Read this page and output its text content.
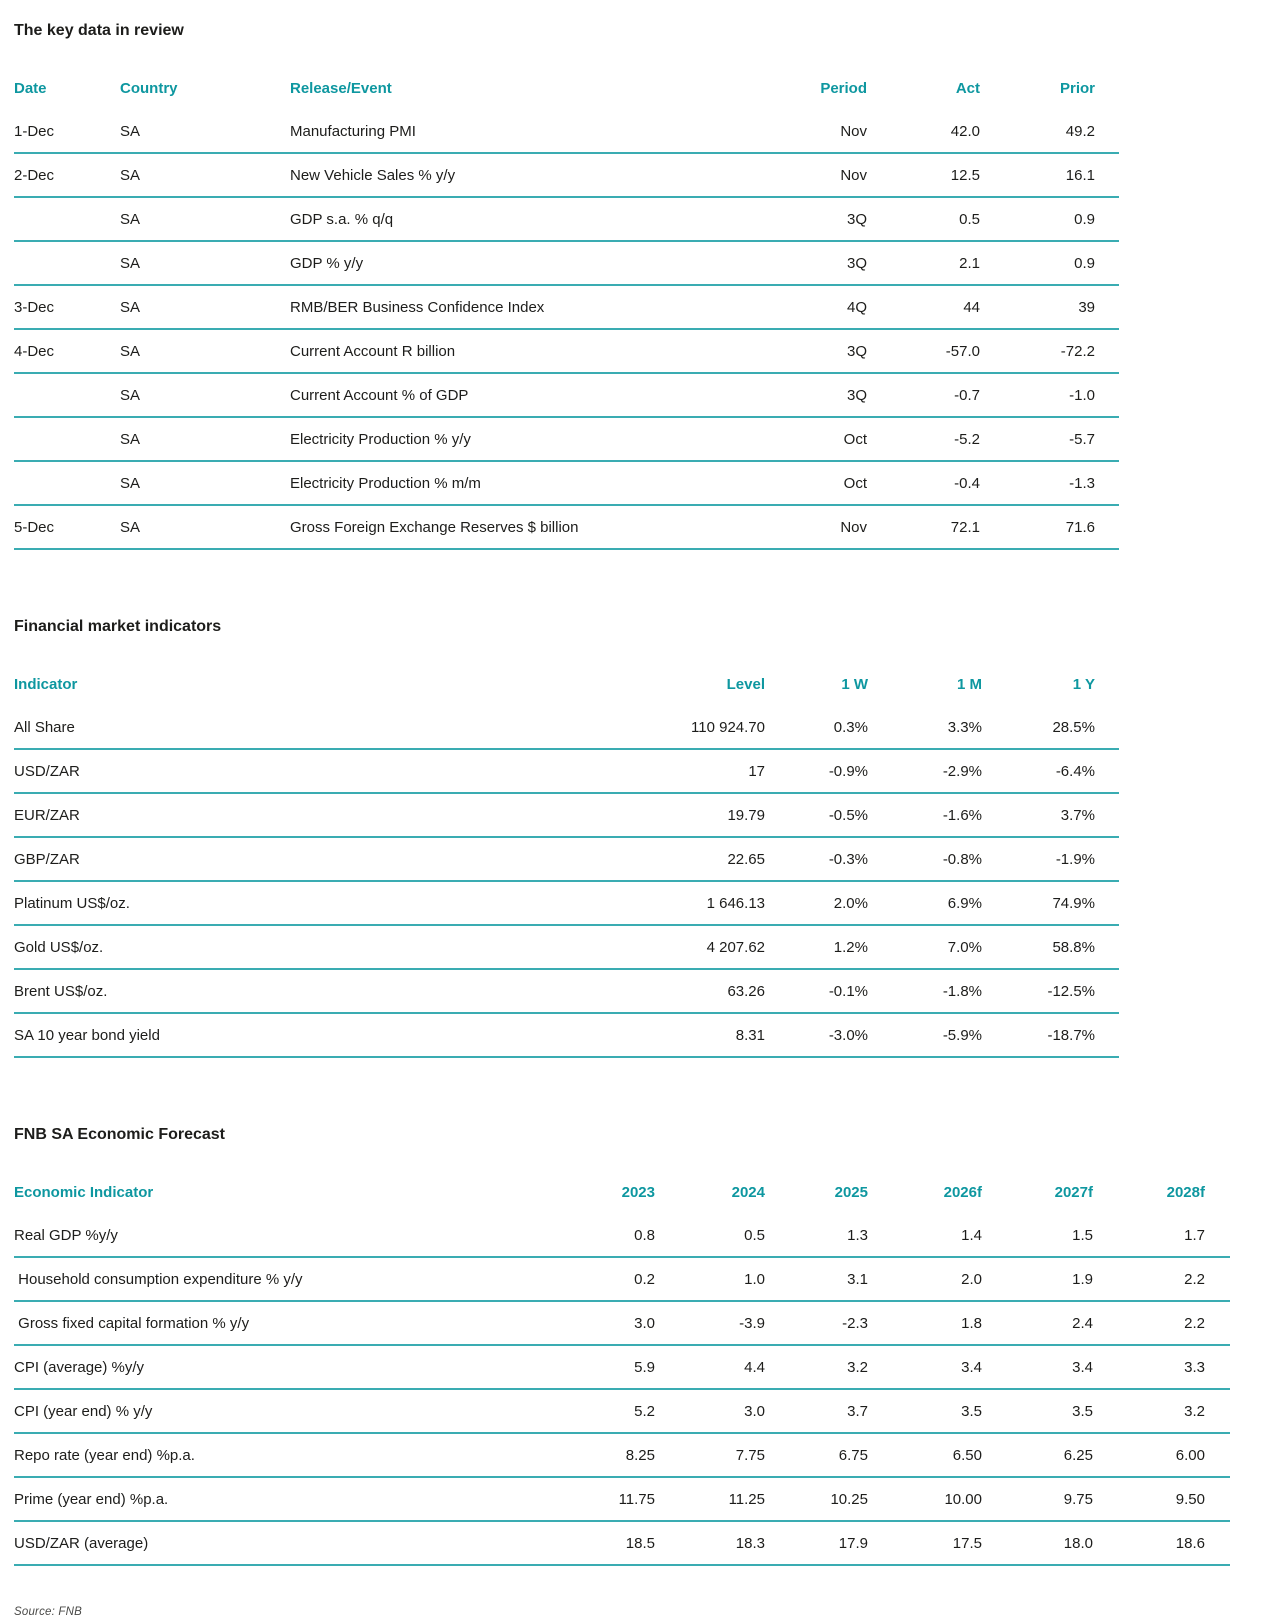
The key data in review
Date	Country	Release/Event	Period	Act	Prior
1-Dec	SA	Manufacturing PMI	Nov	42.0	49.2
2-Dec	SA	New Vehicle Sales % y/y	Nov	12.5	16.1
	SA	GDP s.a. % q/q	3Q	0.5	0.9
	SA	GDP % y/y	3Q	2.1	0.9
3-Dec	SA	RMB/BER Business Confidence Index	4Q	44	39
4-Dec	SA	Current Account R billion	3Q	-57.0	-72.2
	SA	Current Account % of GDP	3Q	-0.7	-1.0
	SA	Electricity Production % y/y	Oct	-5.2	-5.7
	SA	Electricity Production % m/m	Oct	-0.4	-1.3
5-Dec	SA	Gross Foreign Exchange Reserves $ billion	Nov	72.1	71.6
Financial market indicators
Indicator	Level	1 W	1 M	1 Y
All Share	110 924.70	0.3%	3.3%	28.5%
USD/ZAR	17	-0.9%	-2.9%	-6.4%
EUR/ZAR	19.79	-0.5%	-1.6%	3.7%
GBP/ZAR	22.65	-0.3%	-0.8%	-1.9%
Platinum US$/oz.	1 646.13	2.0%	6.9%	74.9%
Gold US$/oz.	4 207.62	1.2%	7.0%	58.8%
Brent US$/oz.	63.26	-0.1%	-1.8%	-12.5%
SA 10 year bond yield	8.31	-3.0%	-5.9%	-18.7%
FNB SA Economic Forecast
Economic Indicator	2023	2024	2025	2026f	2027f	2028f
Real GDP %y/y	0.8	0.5	1.3	1.4	1.5	1.7
Household consumption expenditure % y/y	0.2	1.0	3.1	2.0	1.9	2.2
Gross fixed capital formation % y/y	3.0	-3.9	-2.3	1.8	2.4	2.2
CPI (average) %y/y	5.9	4.4	3.2	3.4	3.4	3.3
CPI (year end) % y/y	5.2	3.0	3.7	3.5	3.5	3.2
Repo rate (year end) %p.a.	8.25	7.75	6.75	6.50	6.25	6.00
Prime (year end) %p.a.	11.75	11.25	10.25	10.00	9.75	9.50
USD/ZAR (average)	18.5	18.3	17.9	17.5	18.0	18.6
Source: FNB
